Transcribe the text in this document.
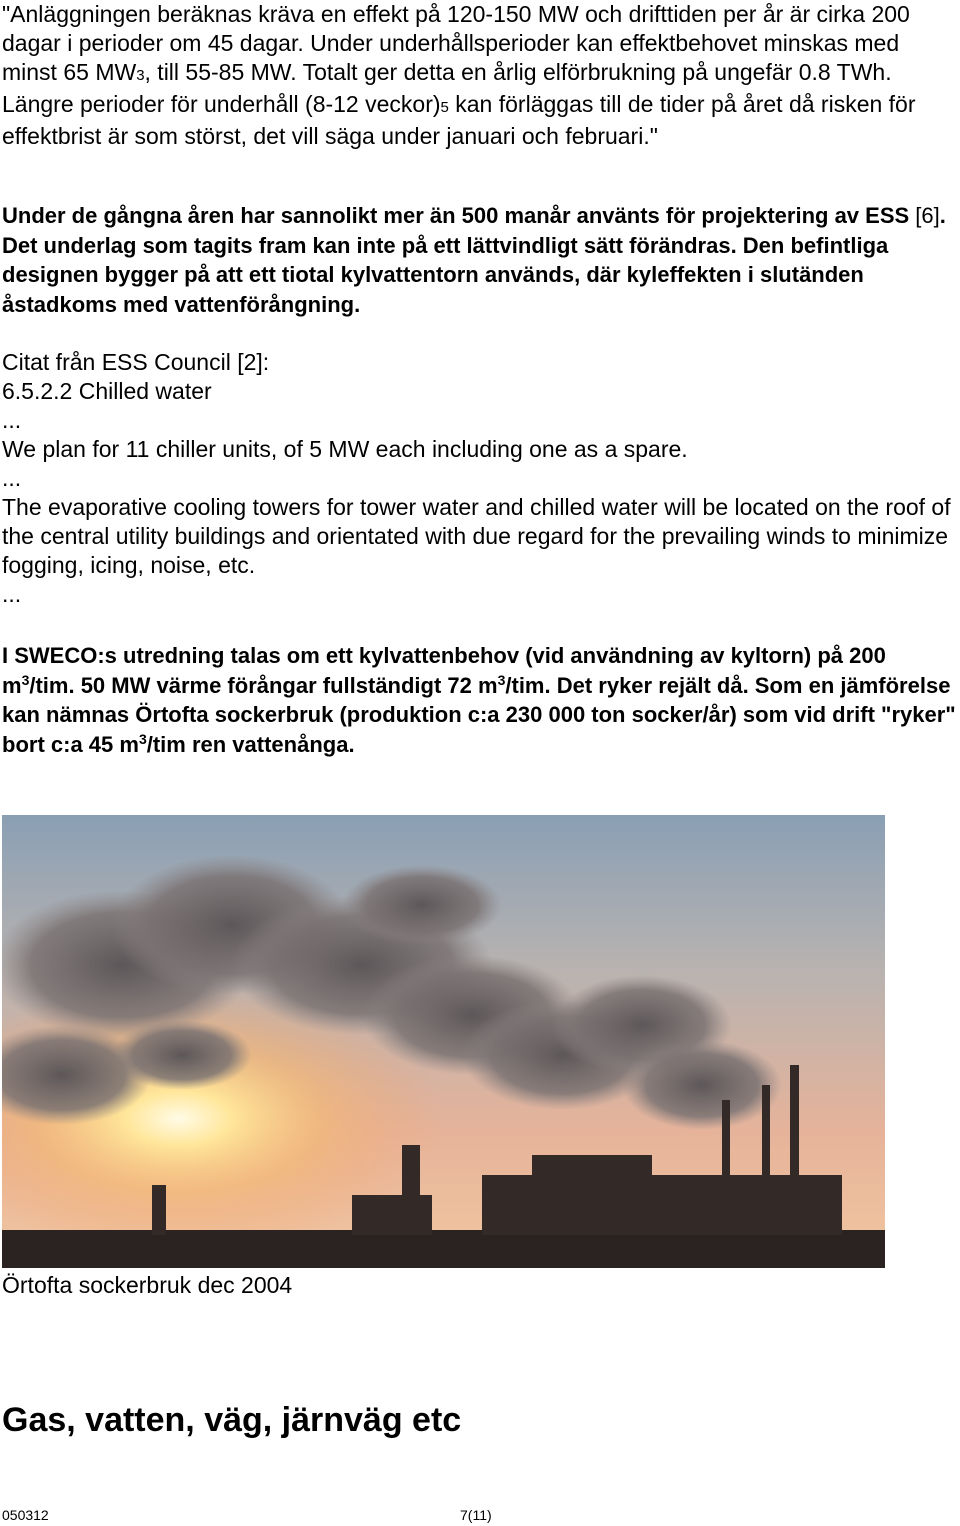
"Anläggningen beräknas kräva en effekt på 120-150 MW och drifttiden per år är cirka 200 dagar i perioder om 45 dagar. Under underhållsperioder kan effektbehovet minskas med minst 65 MW3, till 55-85 MW. Totalt ger detta en årlig elförbrukning på ungefär 0.8 TWh. Längre perioder för underhåll (8-12 veckor)5 kan förläggas till de tider på året då risken för effektbrist är som störst, det vill säga under januari och februari."

Under de gångna åren har sannolikt mer än 500 manår använts för projektering av ESS [6]. Det underlag som tagits fram kan inte på ett lättvindligt sätt förändras. Den befintliga designen bygger på att ett tiotal kylvattentorn används, där kyleffekten i slutänden åstadkoms med vattenförångning.

Citat från ESS Council [2]:
6.5.2.2 Chilled water
...
We plan for 11 chiller units, of 5 MW each including one as a spare.
...
The evaporative cooling towers for tower water and chilled water will be located on the roof of the central utility buildings and orientated with due regard for the prevailing winds to minimize fogging, icing, noise, etc.
...

I SWECO:s utredning talas om ett kylvattenbehov (vid användning av kyltorn) på 200 $m^3$/tim. 50 MW värme förångar fullständigt 72 $m^3$/tim. Det ryker rejält då. Som en jämförelse kan nämnas Örtofta sockerbruk (produktion c:a 230 000 ton socker/år) som vid drift "ryker" bort c:a 45 $m^3$/tim ren vattenånga.

Örtofta sockerbruk dec 2004
Gas, vatten, väg, järnväg etc
050312	7(11)
